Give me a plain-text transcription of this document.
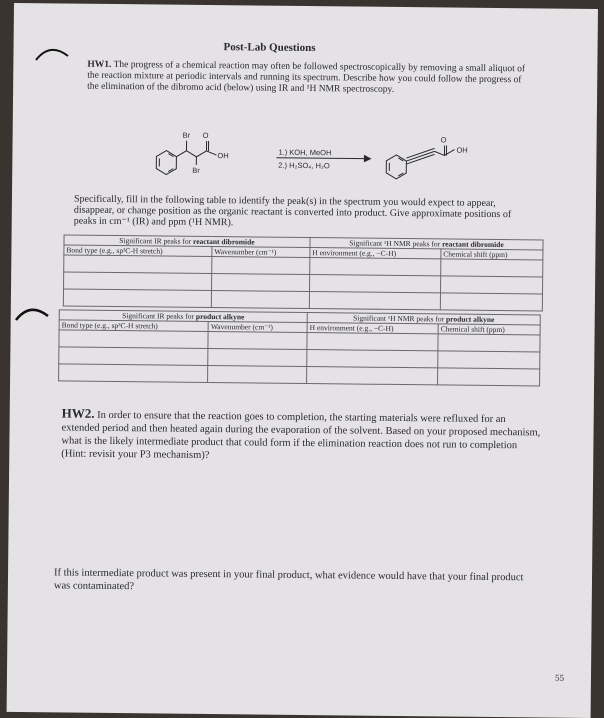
Post-Lab Questions
HW1. The progress of a chemical reaction may often be followed spectroscopically by removing a small aliquot of the reaction mixture at periodic intervals and running its spectrum. Describe how you could follow the progress of the elimination of the dibromo acid (below) using IR and ¹H NMR spectroscopy.
Br O
OH
Br
1.) KOH, MeOH
2.) H₂SO₄, H₂O
O
OH
Specifically, fill in the following table to identify the peak(s) in the spectrum you would expect to appear, disappear, or change position as the organic reactant is converted into product. Give approximate positions of peaks in cm⁻¹ (IR) and ppm (¹H NMR).
Significant IR peaks for reactant dibromide		Significant ¹H NMR peaks for reactant dibromide	
Bond type (e.g., sp³C-H stretch)	Wavenumber (cm⁻¹)	H environment (e.g., −C-H)	Chemical shift (ppm)

Significant IR peaks for product alkyne		Significant ¹H NMR peaks for product alkyne	
Bond type (e.g., sp³C-H stretch)	Wavenumber (cm⁻¹)	H environment (e.g., −C-H)	Chemical shift (ppm)

HW2. In order to ensure that the reaction goes to completion, the starting materials were refluxed for an extended period and then heated again during the evaporation of the solvent. Based on your proposed mechanism, what is the likely intermediate product that could form if the elimination reaction does not run to completion (Hint: revisit your P3 mechanism)?
If this intermediate product was present in your final product, what evidence would have that your final product was contaminated?
55
